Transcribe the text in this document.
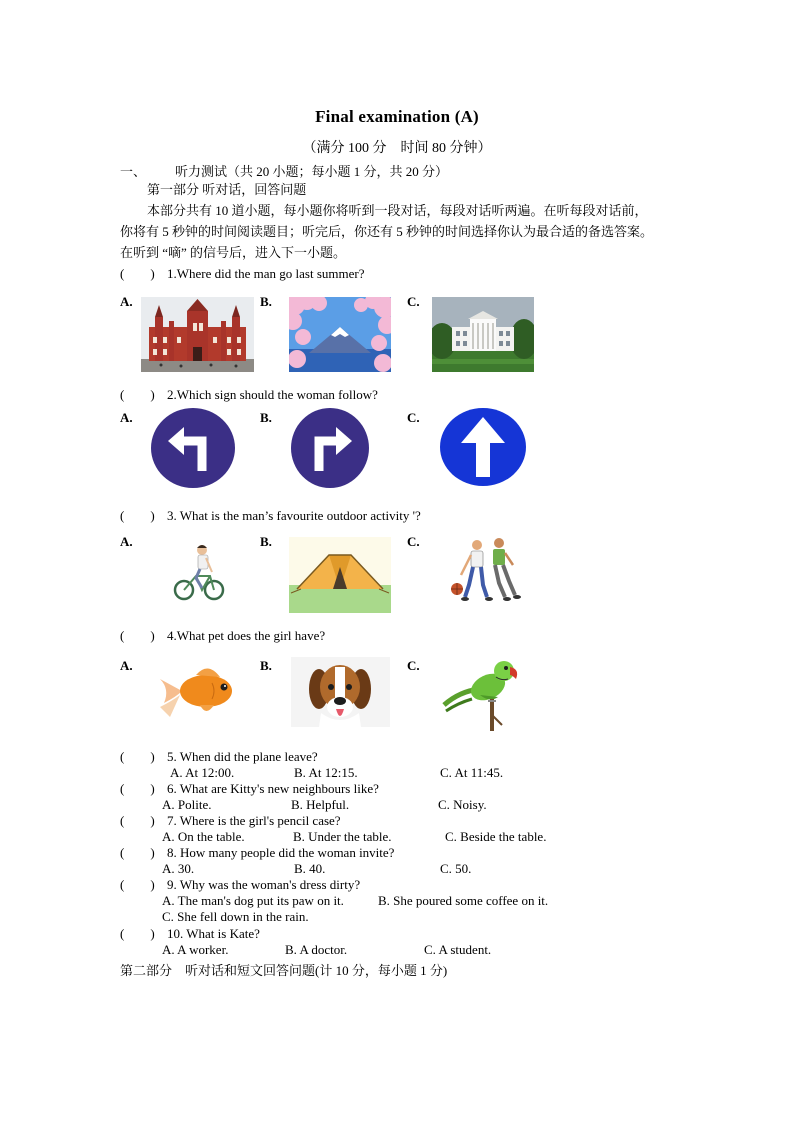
Final examination (A)
（满分 100 分　时间 80 分钟）
一、 听力测试（共 20 小题；每小题 1 分，共 20 分）
第一部分 听对话，回答问题
本部分共有 10 道小题，每小题你将听到一段对话，每段对话听两遍。在听每段对话前，
你将有 5 秒钟的时间阅读题目；听完后，你还有 5 秒钟的时间选择你认为最合适的备选答案。
在听到 “嘀” 的信号后，进入下一小题。
(　　) 1.Where did the man go last summer?
A.	B.	C.
(　　) 2.Which sign should the woman follow?
A.	B.	C.
(　　) 3. What is the man’s favourite outdoor activity '?
A.	B.	C.
(　　) 4.What pet does the girl have?
A.	B.	C.
(　　) 5. When did the plane leave?
A. At 12:00.	B. At 12:15.	C. At 11:45.
(　　) 6. What are Kitty's new neighbours like?
A. Polite.	B. Helpful.	C. Noisy.
(　　) 7. Where is the girl's pencil case?
A. On the table.	B. Under the table.	C. Beside the table.
(　　) 8. How many people did the woman invite?
A. 30.	B. 40.	C. 50.
(　　) 9. Why was the woman's dress dirty?
A. The man's dog put its paw on it.	B. She poured some coffee on it.
C. She fell down in the rain.
(　　) 10. What is Kate?
A. A worker.	B. A doctor.	C. A student.
第二部分　听对话和短文回答问题(计 10 分，每小题 1 分)
